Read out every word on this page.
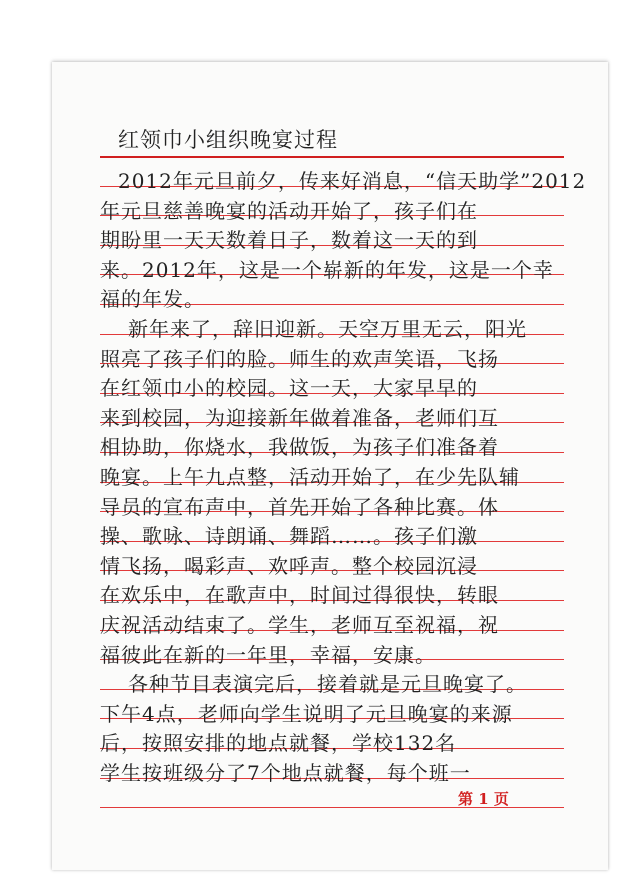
红领巾小组织晚宴过程
2012年元旦前夕，传来好消息，“信天助学”2012
年元旦慈善晚宴的活动开始了，孩子们在
期盼里一天天数着日子，数着这一天的到
来。2012年，这是一个崭新的年发，这是一个幸
福的年发。
新年来了，辞旧迎新。天空万里无云，阳光
照亮了孩子们的脸。师生的欢声笑语，飞扬
在红领巾小的校园。这一天，大家早早的
来到校园，为迎接新年做着准备，老师们互
相协助，你烧水，我做饭，为孩子们准备着
晚宴。上午九点整，活动开始了，在少先队辅
导员的宣布声中，首先开始了各种比赛。体
操、歌咏、诗朗诵、舞蹈……。孩子们激
情飞扬，喝彩声、欢呼声。整个校园沉浸
在欢乐中，在歌声中，时间过得很快，转眼
庆祝活动结束了。学生，老师互至祝福，祝
福彼此在新的一年里，幸福，安康。
各种节目表演完后，接着就是元旦晚宴了。
下午4点，老师向学生说明了元旦晚宴的来源
后，按照安排的地点就餐，学校132名
学生按班级分了7个地点就餐，每个班一
第 1 页
